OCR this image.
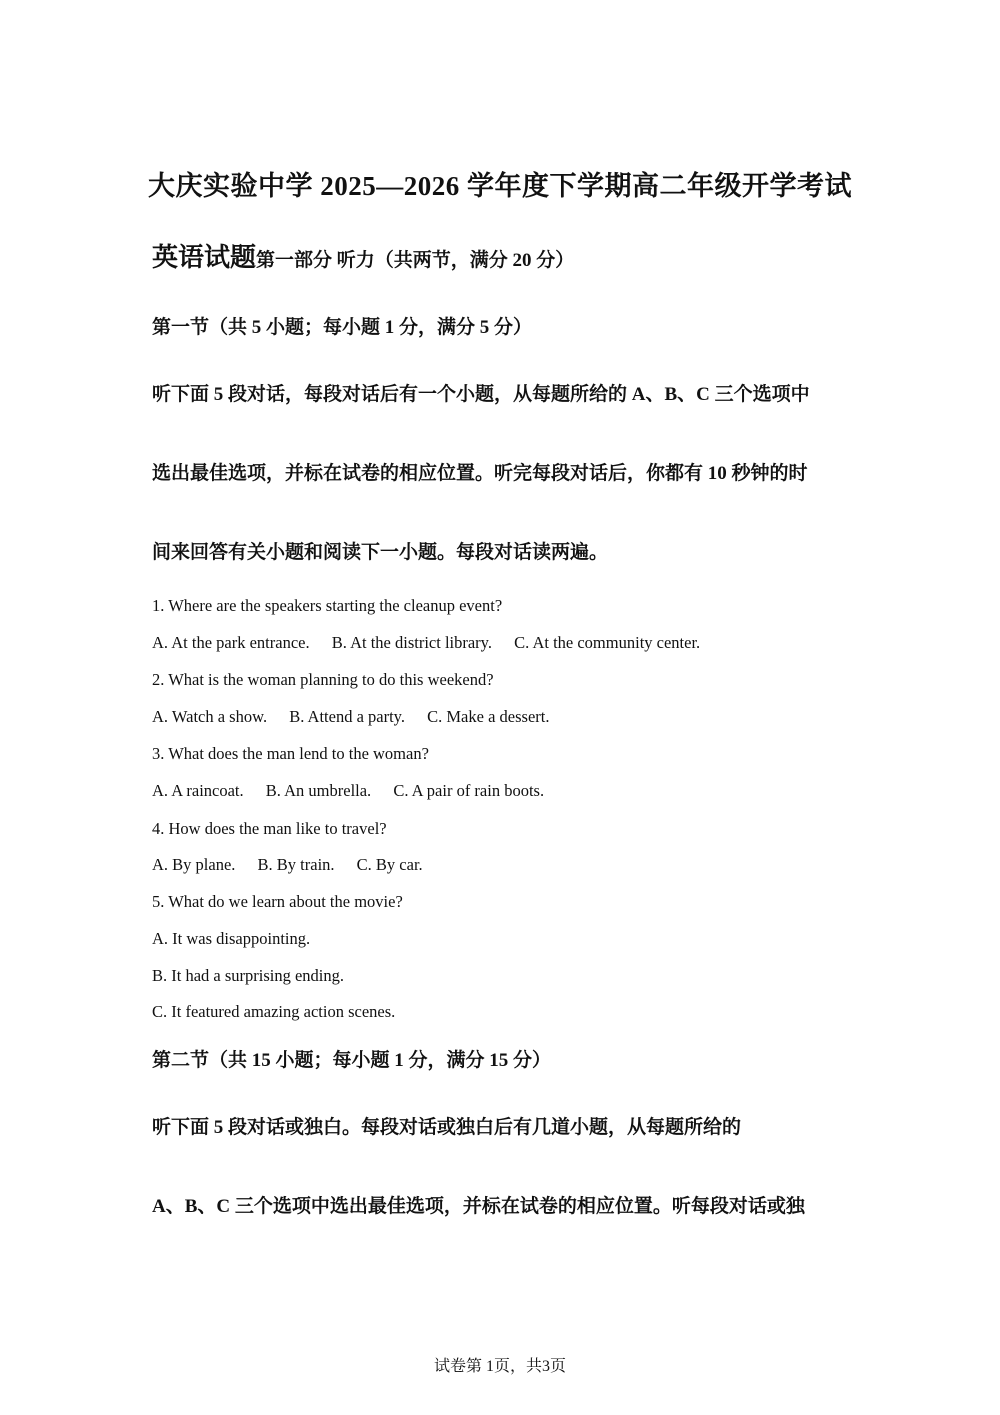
大庆实验中学 2025—2026 学年度下学期高二年级开学考试
英语试题第一部分 听力（共两节，满分 20 分）
第一节（共 5 小题；每小题 1 分，满分 5 分）
听下面 5 段对话，每段对话后有一个小题，从每题所给的 A、B、C 三个选项中
选出最佳选项，并标在试卷的相应位置。听完每段对话后，你都有 10 秒钟的时
间来回答有关小题和阅读下一小题。每段对话读两遍。
1. Where are the speakers starting the cleanup event?
A. At the park entrance. B. At the district library. C. At the community center.
2. What is the woman planning to do this weekend?
A. Watch a show. B. Attend a party. C. Make a dessert.
3. What does the man lend to the woman?
A. A raincoat. B. An umbrella. C. A pair of rain boots.
4. How does the man like to travel?
A. By plane. B. By train. C. By car.
5. What do we learn about the movie?
A. It was disappointing.
B. It had a surprising ending.
C. It featured amazing action scenes.
第二节（共 15 小题；每小题 1 分，满分 15 分）
听下面 5 段对话或独白。每段对话或独白后有几道小题，从每题所给的
A、B、C 三个选项中选出最佳选项，并标在试卷的相应位置。听每段对话或独
试卷第 1页，共3页
